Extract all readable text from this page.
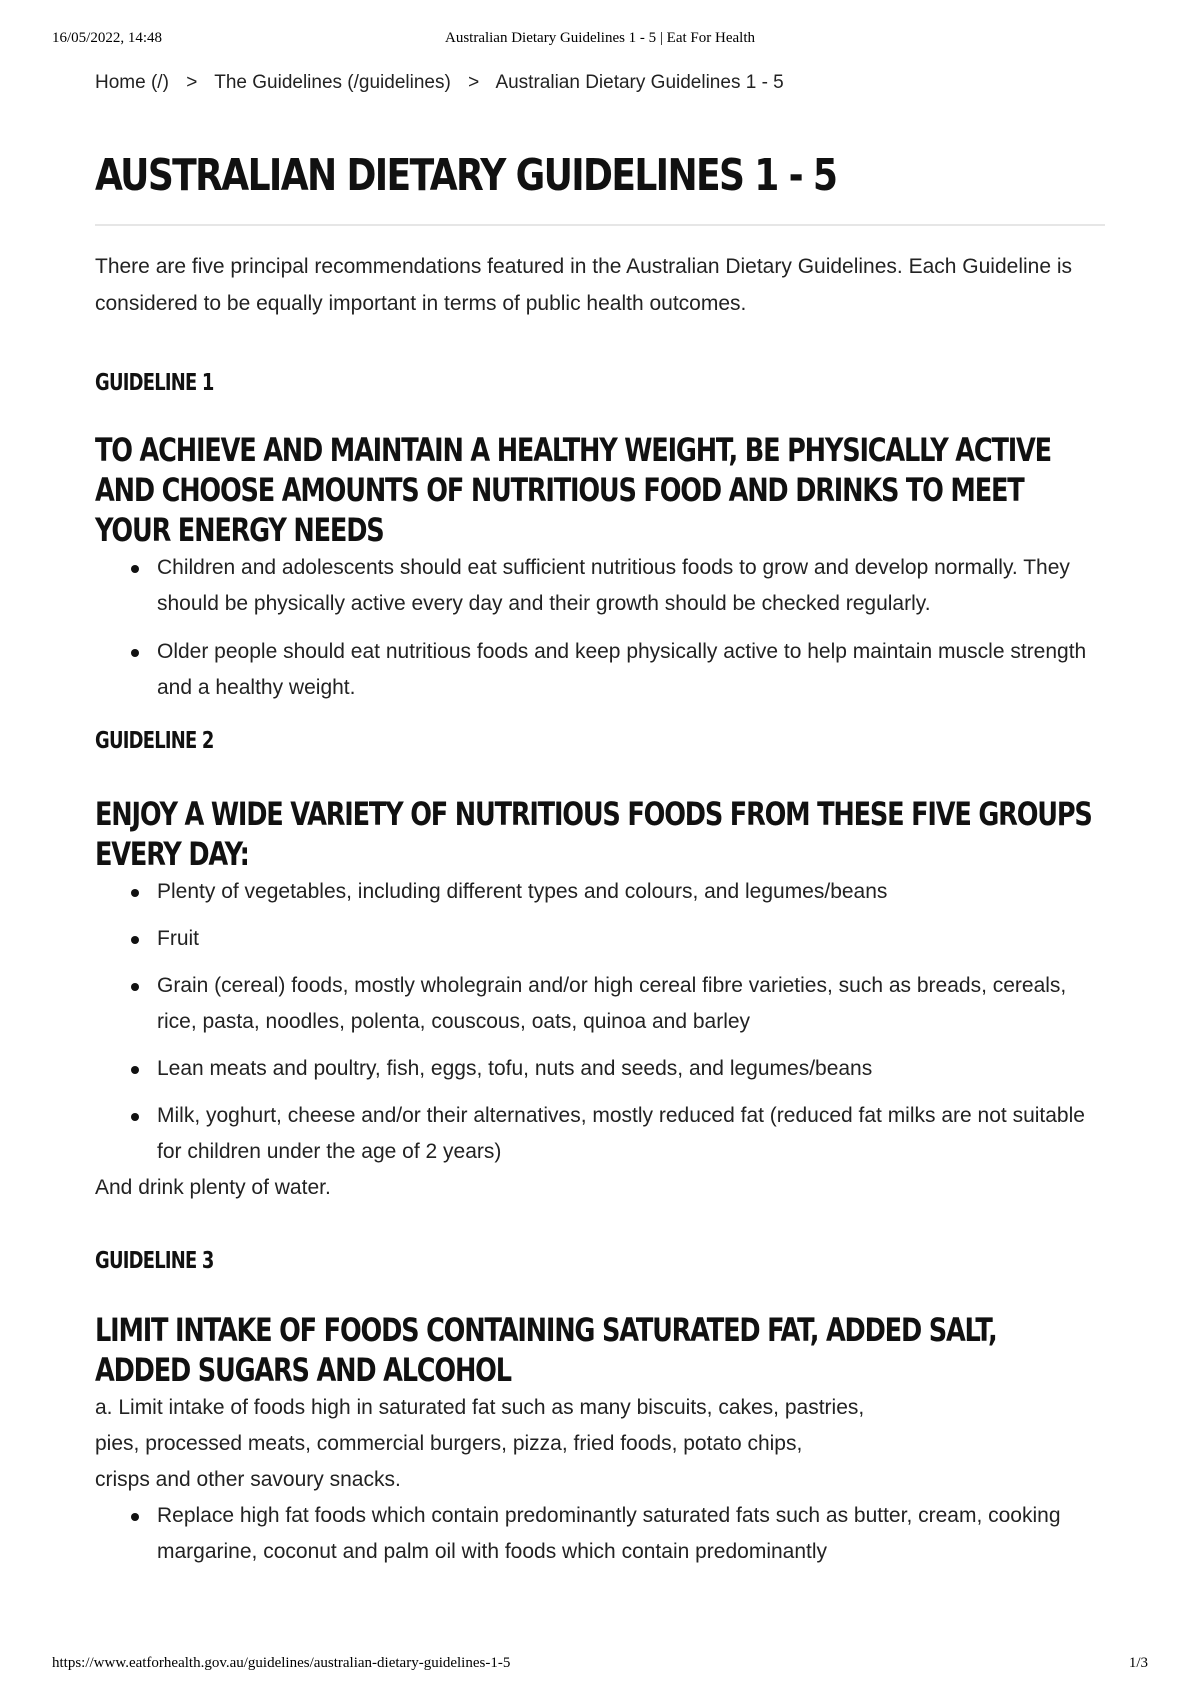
16/05/2022, 14:48	Australian Dietary Guidelines 1 - 5 | Eat For Health
Home (/) > The Guidelines (/guidelines) > Australian Dietary Guidelines 1 - 5
AUSTRALIAN DIETARY GUIDELINES 1 - 5

There are five principal recommendations featured in the Australian Dietary Guidelines. Each Guideline is considered to be equally important in terms of public health outcomes.

GUIDELINE 1
TO ACHIEVE AND MAINTAIN A HEALTHY WEIGHT, BE PHYSICALLY ACTIVE AND CHOOSE AMOUNTS OF NUTRITIOUS FOOD AND DRINKS TO MEET YOUR ENERGY NEEDS
Children and adolescents should eat sufficient nutritious foods to grow and develop normally. They should be physically active every day and their growth should be checked regularly.
Older people should eat nutritious foods and keep physically active to help maintain muscle strength and a healthy weight.
GUIDELINE 2
ENJOY A WIDE VARIETY OF NUTRITIOUS FOODS FROM THESE FIVE GROUPS EVERY DAY:
Plenty of vegetables, including different types and colours, and legumes/beans
Fruit
Grain (cereal) foods, mostly wholegrain and/or high cereal fibre varieties, such as breads, cereals, rice, pasta, noodles, polenta, couscous, oats, quinoa and barley
Lean meats and poultry, fish, eggs, tofu, nuts and seeds, and legumes/beans
Milk, yoghurt, cheese and/or their alternatives, mostly reduced fat (reduced fat milks are not suitable for children under the age of 2 years)

And drink plenty of water.

GUIDELINE 3
LIMIT INTAKE OF FOODS CONTAINING SATURATED FAT, ADDED SALT, ADDED SUGARS AND ALCOHOL

a. Limit intake of foods high in saturated fat such as many biscuits, cakes, pastries,
pies, processed meats, commercial burgers, pizza, fried foods, potato chips,
crisps and other savoury snacks.

Replace high fat foods which contain predominantly saturated fats such as butter, cream, cooking margarine, coconut and palm oil with foods which contain predominantly
https://www.eatforhealth.gov.au/guidelines/australian-dietary-guidelines-1-5	1/3
